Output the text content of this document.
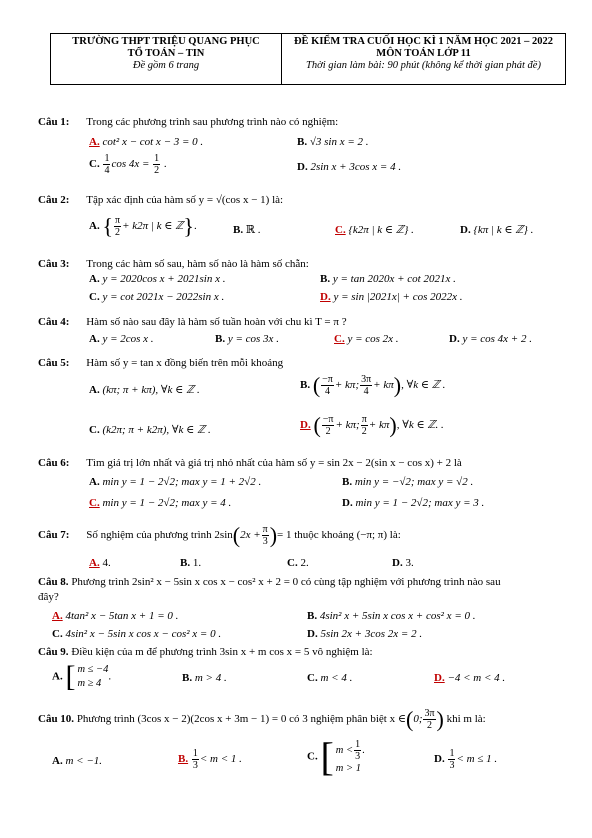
TRƯỜNG THPT TRIỆU QUANG PHỤC
TỔ TOÁN – TIN
Đề gồm 6 trang
ĐỀ KIỂM TRA CUỐI HỌC KÌ 1 NĂM HỌC 2021 – 2022
MÔN TOÁN LỚP 11
Thời gian làm bài: 90 phút (không kể thời gian phát đề)
Câu 1: Trong các phương trình sau phương trình nào có nghiệm:
A. cot² x − cot x − 3 = 0 .	B. √3 sin x = 2 .
C. $\frac{1}{4}$ $\cos 4x = \frac{1}{2}$ .	D. 2sin x + 3cos x = 4 .
Câu 2: Tập xác định của hàm số y = √(cos x − 1) là:
A. { $\frac{\pi}{2} + k2\pi$ | k ∈ ℤ}.	B. ℝ .	C. {k2π | k ∈ ℤ} .	D. {kπ | k ∈ ℤ} .
Câu 3: Trong các hàm số sau, hàm số nào là hàm số chẵn:
A. y = 2020cos x + 2021sin x .	B. y = tan 2020x + cot 2021x .
C. y = cot 2021x − 2022sin x .	D. y = sin |2021x| + cos 2022x .
Câu 4: Hàm số nào sau đây là hàm số tuần hoàn với chu kì T = π ?
A. y = 2cos x .	B. y = cos 3x .	C. y = cos 2x .	D. y = cos 4x + 2 .
Câu 5: Hàm số y = tan x đồng biến trên mỗi khoảng
A. (kπ; π + kπ), ∀k ∈ ℤ .	B. ( $\frac{-\pi}{4} + k\pi$; $\frac{3\pi}{4} + k\pi$), ∀k ∈ ℤ .
C. (k2π; π + k2π), ∀k ∈ ℤ .	D. ( $\frac{-\pi}{2} + k\pi$; $\frac{\pi}{2} + k\pi$), ∀k ∈ ℤ. .
Câu 6: Tìm giá trị lớn nhất và giá trị nhỏ nhất của hàm số y = sin 2x − 2(sin x − cos x) + 2 là
A. min y = 1 − 2√2; max y = 1 + 2√2 .	B. min y = −√2; max y = √2 .
C. min y = 1 − 2√2; max y = 4 .	D. min y = 1 − 2√2; max y = 3 .
Câu 7: Số nghiệm của phương trình $2\sin(2x + \frac{\pi}{3}$ )= 1 thuộc khoảng (−π; π) là:
A. 4.	B. 1.	C. 2.	D. 3.
Câu 8. Phương trình 2sin² x − 5sin x cos x − cos² x + 2 = 0 có cùng tập nghiệm với phương trình nào sau
đây?
A. 4tan² x − 5tan x + 1 = 0 .	B. 4sin² x + 5sin x cos x + cos² x = 0 .
C. 4sin² x − 5sin x cos x − cos² x = 0 .	D. 5sin 2x + 3cos 2x = 2 .
Câu 9. Điều kiện của m để phương trình 3sin x + m cos x = 5 vô nghiệm là:
A. [ m ≤ −4
m ≥ 4
.	B. m > 4 .	C. m < 4 .	D. −4 < m < 4 .
Câu 10. Phương trình (3cos x − 2)(2cos x + 3m − 1) = 0 có 3 nghiệm phân biệt x ∈(0; $\frac{3\pi}{2}$ ) khi m là:
A. m < −1.	B. $\frac{1}{3} < m < 1$ .	C. [ $m < \frac{1}{3}$ .
m > 1
D. $\frac{1}{3} < m \le 1$ .
